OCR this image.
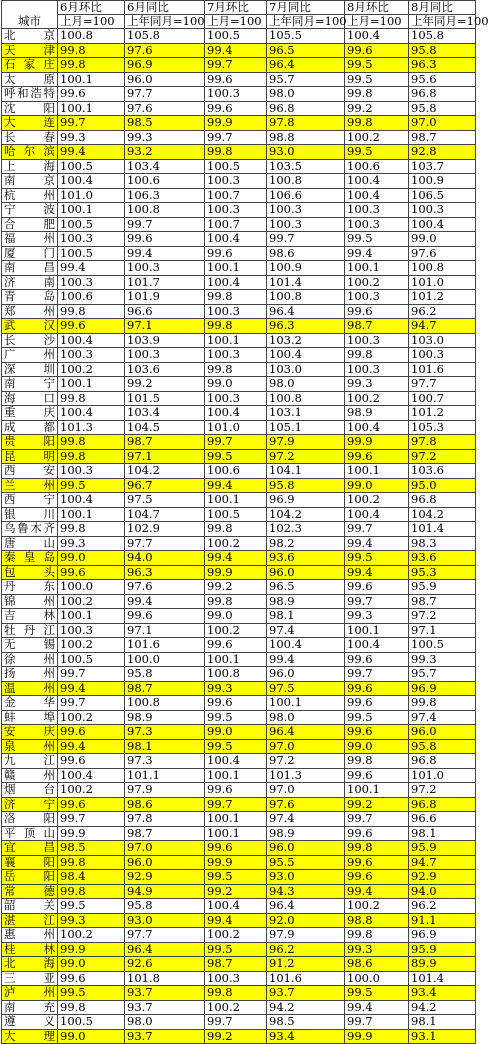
城市	6月环比	6月同比	7月环比	7月同比	8月环比	8月同比
	上月=100	上年同月=100	上月=100	上年同月=100	上月=100	上年同月=100
北京	100.8	105.8	100.5	105.5	100.4	105.8
天津	99.8	97.6	99.4	96.5	99.6	95.8
石家庄	99.8	96.9	99.7	96.4	99.5	96.3
太原	100.1	96.0	99.6	95.7	99.5	95.6
呼和浩特	99.6	97.7	100.3	98.0	99.8	96.8
沈阳	100.1	97.6	99.6	96.8	99.2	95.8
大连	99.7	98.5	99.9	97.8	99.8	97.0
长春	99.3	99.3	99.7	98.8	100.2	98.7
哈尔滨	99.4	93.2	99.8	93.0	99.5	92.8
上海	100.5	103.4	100.5	103.5	100.6	103.7
南京	100.4	100.6	100.3	100.8	100.4	100.9
杭州	101.0	106.3	100.7	106.6	100.4	106.5
宁波	100.1	100.8	100.3	100.3	100.3	100.3
合肥	100.5	99.7	100.7	100.3	100.3	100.4
福州	100.3	99.6	100.4	99.7	99.5	99.0
厦门	100.5	99.4	99.6	98.6	99.4	97.6
南昌	99.4	100.3	100.1	100.9	100.1	100.8
济南	100.3	101.7	100.4	101.4	100.2	101.0
青岛	100.6	101.9	99.8	100.8	100.3	101.2
郑州	99.8	96.6	100.3	96.4	99.6	96.2
武汉	99.6	97.1	99.8	96.3	98.7	94.7
长沙	100.4	103.9	100.1	103.2	100.3	103.0
广州	100.3	100.3	100.3	100.4	99.8	100.3
深圳	100.2	103.6	99.8	103.0	100.3	101.6
南宁	100.1	99.2	99.0	98.0	99.3	97.7
海口	99.8	101.5	100.3	100.8	100.2	100.7
重庆	100.4	103.4	100.4	103.1	98.9	101.2
成都	101.3	104.5	101.0	105.1	100.4	105.3
贵阳	99.8	98.7	99.7	97.9	99.9	97.8
昆明	99.8	97.1	99.5	97.2	99.6	97.2
西安	100.3	104.2	100.6	104.1	100.1	103.6
兰州	99.5	96.7	99.4	95.8	99.0	95.0
西宁	100.4	97.5	100.1	96.9	100.2	96.8
银川	100.1	104.7	100.5	104.2	100.4	104.2
乌鲁木齐	99.8	102.9	99.8	102.3	99.7	101.4
唐山	99.3	97.7	100.2	98.2	99.4	98.3
秦皇岛	99.0	94.0	99.4	93.6	99.5	93.6
包头	99.6	96.3	99.9	96.0	99.4	95.3
丹东	100.0	97.6	99.2	96.5	99.6	95.9
锦州	100.2	99.4	99.8	98.9	99.7	98.7
吉林	100.1	99.6	99.0	98.1	99.3	97.2
牡丹江	100.3	97.1	100.2	97.4	100.1	97.1
无锡	100.2	101.6	99.6	100.4	100.4	100.5
徐州	100.5	100.0	100.1	99.4	99.6	99.3
扬州	99.7	95.8	100.8	96.0	99.7	95.7
温州	99.4	98.7	99.3	97.5	99.6	96.9
金华	99.7	100.8	99.6	100.1	99.6	99.8
蚌埠	100.2	98.9	99.5	98.0	99.5	97.4
安庆	99.6	97.3	99.0	96.4	99.6	96.0
泉州	99.4	98.1	99.5	97.0	99.0	95.8
九江	99.6	97.3	100.4	97.2	99.8	96.8
赣州	100.4	101.1	100.1	101.3	99.6	101.0
烟台	100.2	97.9	99.6	97.0	100.1	97.2
济宁	99.6	98.6	99.7	97.6	99.2	96.8
洛阳	99.7	97.8	100.1	97.4	99.7	96.6
平顶山	99.9	98.7	100.1	98.9	99.6	98.1
宜昌	98.5	97.0	99.6	96.0	99.8	95.9
襄阳	99.8	96.0	99.9	95.5	99.6	94.7
岳阳	98.4	92.9	99.5	93.0	99.6	92.9
常德	99.8	94.9	99.2	94.3	99.4	94.0
韶关	99.5	95.8	100.4	96.4	100.2	96.2
湛江	99.3	93.0	99.4	92.0	98.8	91.1
惠州	100.2	97.7	100.2	97.9	99.8	96.9
桂林	99.9	96.4	99.5	96.2	99.3	95.9
北海	99.0	92.6	98.7	91.2	98.6	89.9
三亚	99.6	101.8	100.3	101.6	100.0	101.4
泸州	99.5	93.7	99.8	93.7	99.5	93.4
南充	99.8	93.7	100.2	94.2	99.4	94.2
遵义	100.5	98.0	99.7	98.5	99.7	98.1
大理	99.0	93.7	99.2	93.4	99.9	93.1
